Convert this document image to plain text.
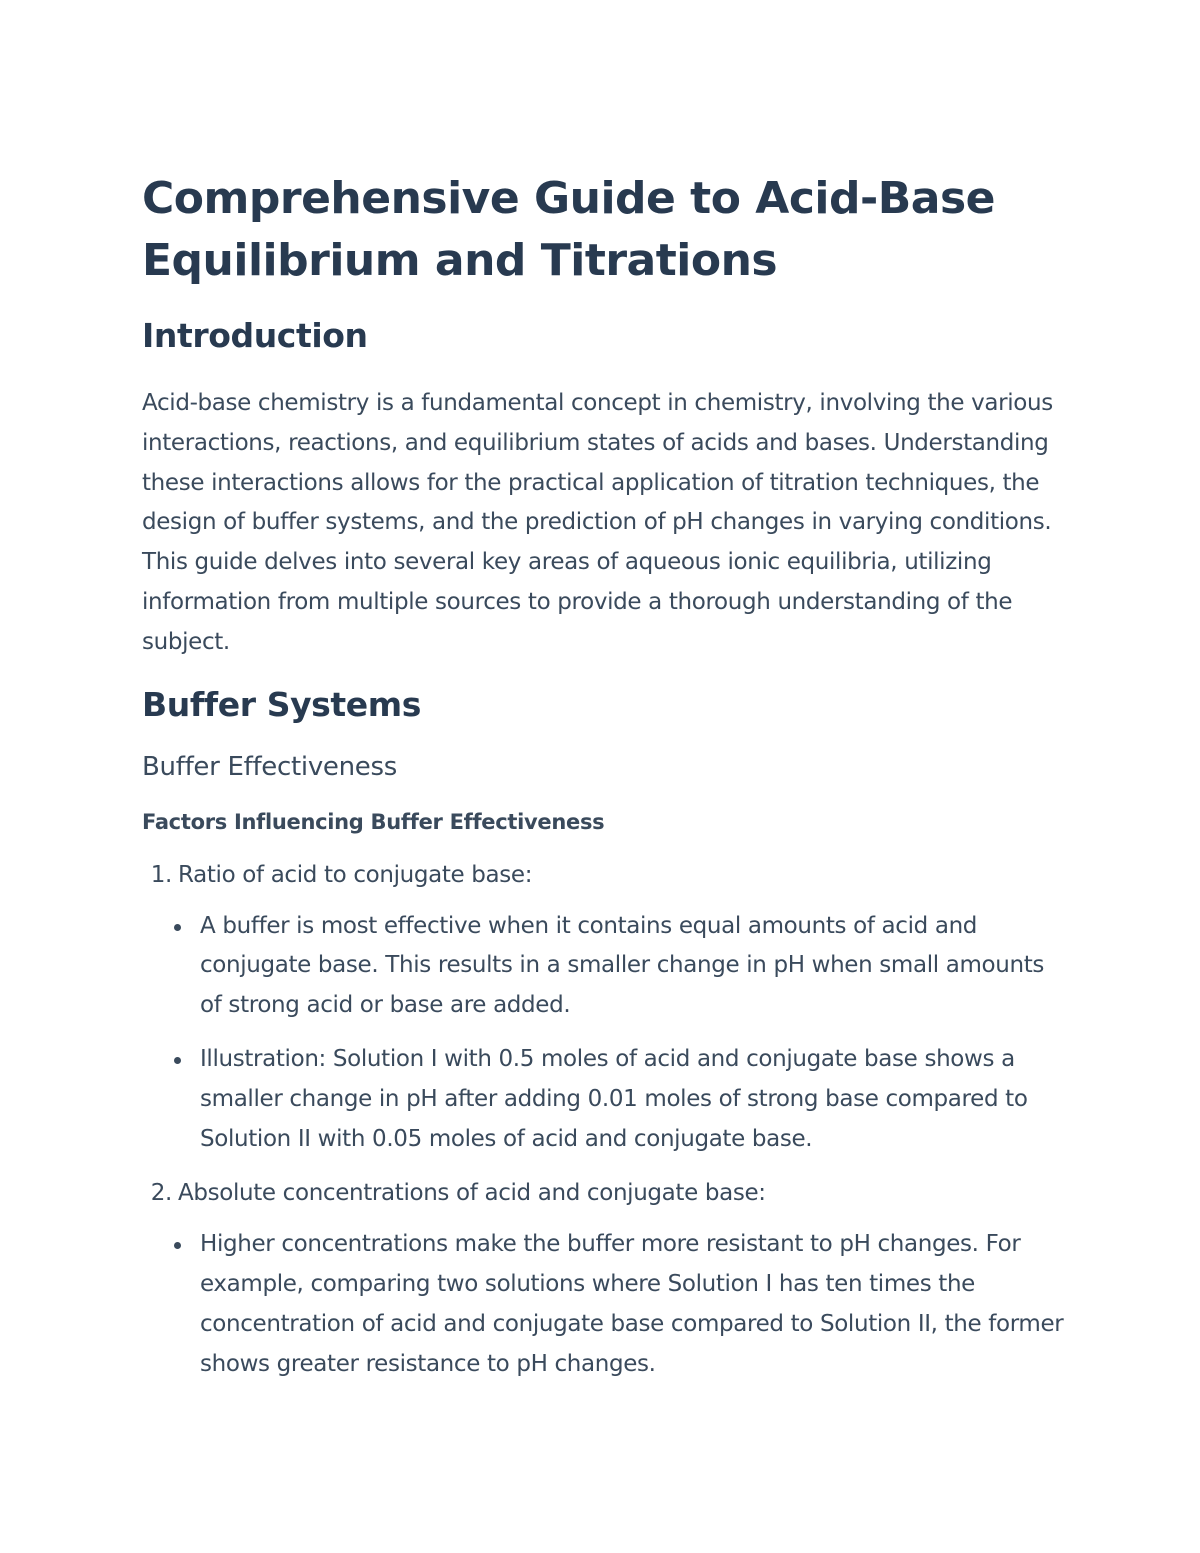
Comprehensive Guide to Acid-Base Equilibrium and Titrations
Introduction

Acid-base chemistry is a fundamental concept in chemistry, involving the various interactions, reactions, and equilibrium states of acids and bases. Understanding these interactions allows for the practical application of titration techniques, the design of buffer systems, and the prediction of pH changes in varying conditions. This guide delves into several key areas of aqueous ionic equilibria, utilizing information from multiple sources to provide a thorough understanding of the subject.

Buffer Systems
Buffer Effectiveness
Factors Influencing Buffer Effectiveness
1 . Ratio of acid to conjugate base:
A buffer is most effective when it contains equal amounts of acid and conjugate base. This results in a smaller change in pH when small amounts of strong acid or base are added.
Illustration: Solution I with 0.5 moles of acid and conjugate base shows a smaller change in pH after adding 0.01 moles of strong base compared to Solution II with 0.05 moles of acid and conjugate base.
2 . Absolute concentrations of acid and conjugate base:
Higher concentrations make the buffer more resistant to pH changes. For example, comparing two solutions where Solution I has ten times the concentration of acid and conjugate base compared to Solution II, the former shows greater resistance to pH changes.
